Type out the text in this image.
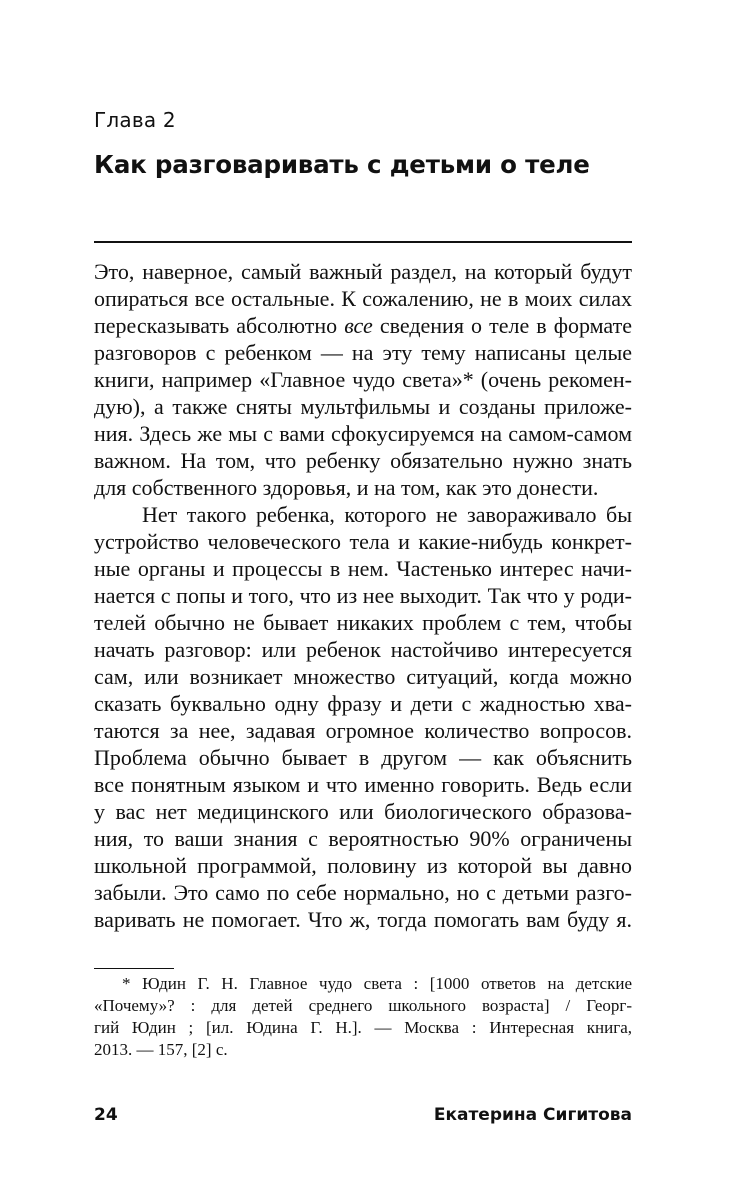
Глава 2
Как разговаривать с детьми о теле
Это, наверное, самый важный раздел, на который будут
опираться все остальные. К сожалению, не в моих силах
пересказывать абсолютно все сведения о теле в формате
разговоров с ребенком — на эту тему написаны целые
книги, например «Главное чудо света»* (очень рекомен-
дую), а также сняты мультфильмы и созданы приложе-
ния. Здесь же мы с вами сфокусируемся на самом-самом
важном. На том, что ребенку обязательно нужно знать
для собственного здоровья, и на том, как это донести.
Нет такого ребенка, которого не завораживало бы
устройство человеческого тела и какие-нибудь конкрет-
ные органы и процессы в нем. Частенько интерес начи-
нается с попы и того, что из нее выходит. Так что у роди-
телей обычно не бывает никаких проблем с тем, чтобы
начать разговор: или ребенок настойчиво интересуется
сам, или возникает множество ситуаций, когда можно
сказать буквально одну фразу и дети с жадностью хва-
таются за нее, задавая огромное количество вопросов.
Проблема обычно бывает в другом — как объяснить
все понятным языком и что именно говорить. Ведь если
у вас нет медицинского или биологического образова-
ния, то ваши знания с вероятностью 90% ограничены
школьной программой, половину из которой вы давно
забыли. Это само по себе нормально, но с детьми разго-
варивать не помогает. Что ж, тогда помогать вам буду я.
* Юдин Г. Н. Главное чудо света : [1000 ответов на детские
«Почему»? : для детей среднего школьного возраста] / Георг-
гий Юдин ; [ил. Юдина Г. Н.]. — Москва : Интересная книга,
2013. — 157, [2] с.
24	Екатерина Сигитова
